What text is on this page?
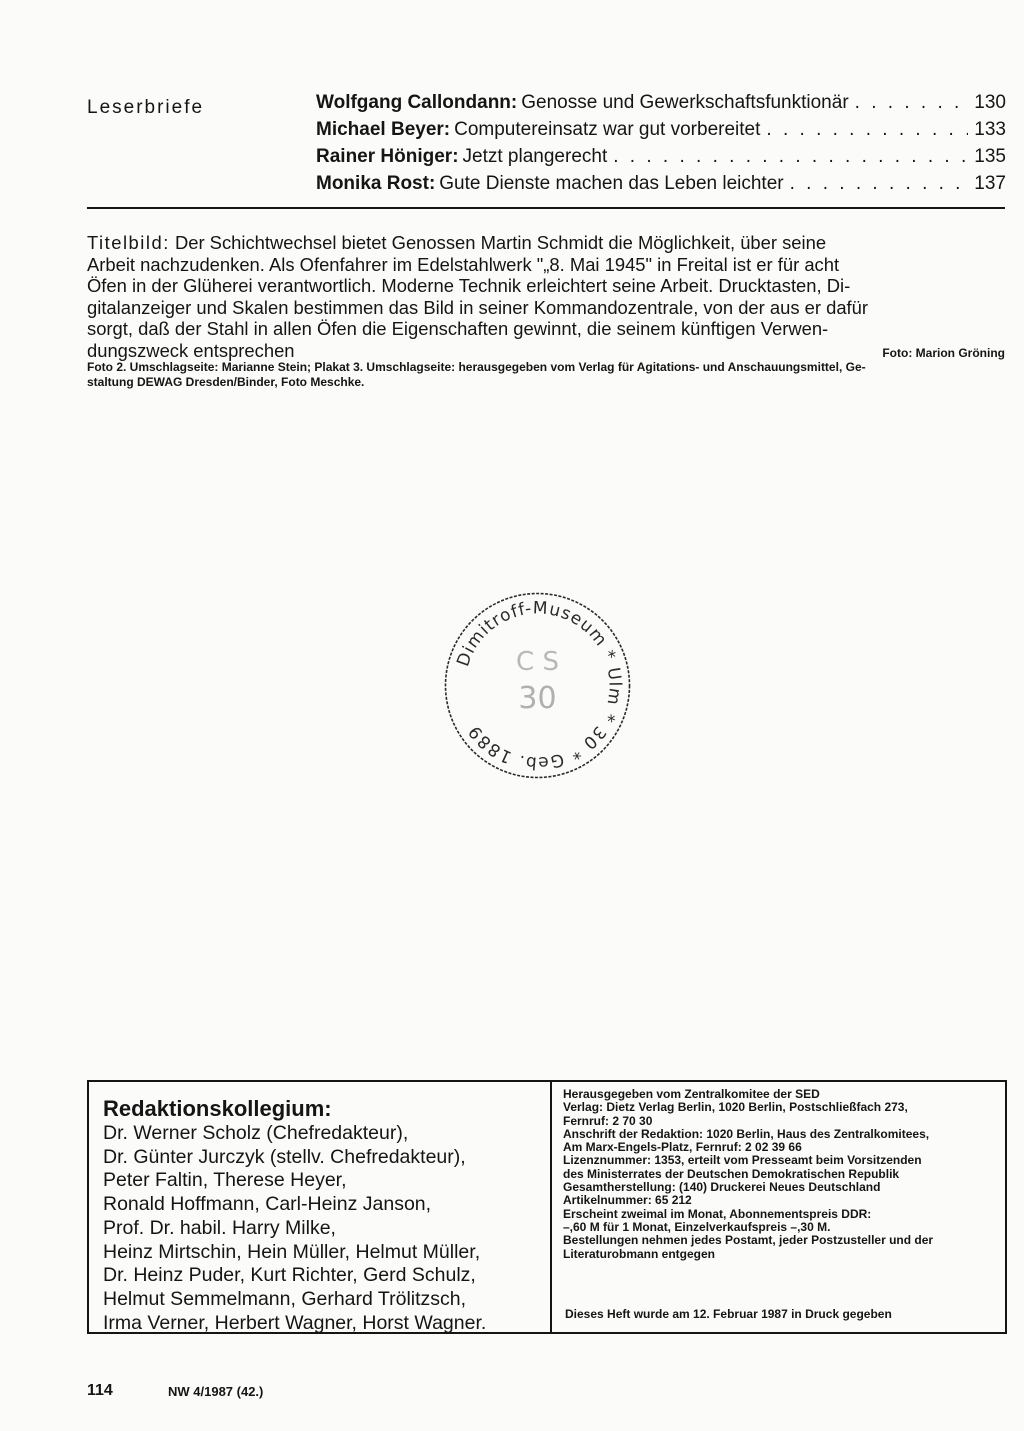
Leserbriefe	Wolfgang Callondann: Genosse und Gewerkschaftsfunktionär . . .	130
Michael Beyer: Computereinsatz war gut vorbereitet . . .	133
Rainer Höniger: Jetzt plangerecht . . .	135
Monika Rost: Gute Dienste machen das Leben leichter . . .	137
Titelbild: Der Schichtwechsel bietet Genossen Martin Schmidt die Möglichkeit, über seine
Arbeit nachzudenken. Als Ofenfahrer im Edelstahlwerk "„8. Mai 1945" in Freital ist er für acht
Öfen in der Glüherei verantwortlich. Moderne Technik erleichtert seine Arbeit. Drucktasten, Di-
gitalanzeiger und Skalen bestimmen das Bild in seiner Kommandozentrale, von der aus er dafür
sorgt, daß der Stahl in allen Öfen die Eigenschaften gewinnt, die seinem künftigen Verwen-
dungszweck entsprechen	Foto: Marion Gröning
Foto 2. Umschlagseite: Marianne Stein; Plakat 3. Umschlagseite: herausgegeben vom Verlag für Agitations- und Anschauungsmittel, Ge-
staltung DEWAG Dresden/Binder, Foto Meschke.
Dimitroff-Museum * Ulm * 30 * Geb. 1889
C S
30
Redaktionskollegium:
Dr. Werner Scholz (Chefredakteur),
Dr. Günter Jurczyk (stellv. Chefredakteur),
Peter Faltin, Therese Heyer,
Ronald Hoffmann, Carl-Heinz Janson,
Prof. Dr. habil. Harry Milke,
Heinz Mirtschin, Hein Müller, Helmut Müller,
Dr. Heinz Puder, Kurt Richter, Gerd Schulz,
Helmut Semmelmann, Gerhard Trölitzsch,
Irma Verner, Herbert Wagner, Horst Wagner.
Herausgegeben vom Zentralkomitee der SED
Verlag: Dietz Verlag Berlin, 1020 Berlin, Postschließfach 273,
Fernruf: 2 70 30
Anschrift der Redaktion: 1020 Berlin, Haus des Zentralkomitees,
Am Marx-Engels-Platz, Fernruf: 2 02 39 66
Lizenznummer: 1353, erteilt vom Presseamt beim Vorsitzenden
des Ministerrates der Deutschen Demokratischen Republik
Gesamtherstellung: (140) Druckerei Neues Deutschland
Artikelnummer: 65 212
Erscheint zweimal im Monat, Abonnementspreis DDR:
–,60 M für 1 Monat, Einzelverkaufspreis –,30 M.
Bestellungen nehmen jedes Postamt, jeder Postzusteller und der
Literaturobmann entgegen
Dieses Heft wurde am 12. Februar 1987 in Druck gegeben
114	NW 4/1987 (42.)
